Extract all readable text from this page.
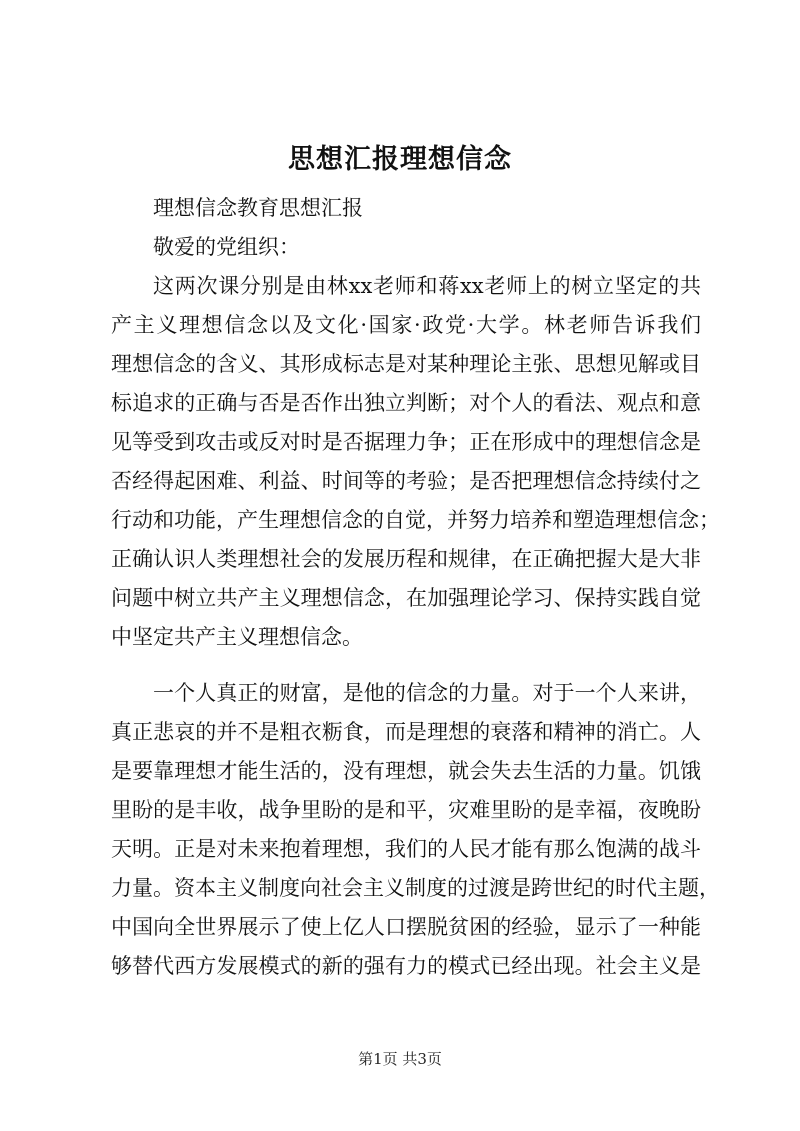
思想汇报理想信念
理想信念教育思想汇报
敬爱的党组织：
这两次课分别是由林xx老师和蒋xx老师上的树立坚定的共
产主义理想信念以及文化·国家·政党·大学。林老师告诉我们
理想信念的含义、其形成标志是对某种理论主张、思想见解或目
标追求的正确与否是否作出独立判断；对个人的看法、观点和意
见等受到攻击或反对时是否据理力争；正在形成中的理想信念是
否经得起困难、利益、时间等的考验；是否把理想信念持续付之
行动和功能，产生理想信念的自觉，并努力培养和塑造理想信念；
正确认识人类理想社会的发展历程和规律，在正确把握大是大非
问题中树立共产主义理想信念，在加强理论学习、保持实践自觉
中坚定共产主义理想信念。
一个人真正的财富，是他的信念的力量。对于一个人来讲，
真正悲哀的并不是粗衣粝食，而是理想的衰落和精神的消亡。人
是要靠理想才能生活的，没有理想，就会失去生活的力量。饥饿
里盼的是丰收，战争里盼的是和平，灾难里盼的是幸福，夜晚盼
天明。正是对未来抱着理想，我们的人民才能有那么饱满的战斗
力量。资本主义制度向社会主义制度的过渡是跨世纪的时代主题，
中国向全世界展示了使上亿人口摆脱贫困的经验，显示了一种能
够替代西方发展模式的新的强有力的模式已经出现。社会主义是
第1页 共3页
